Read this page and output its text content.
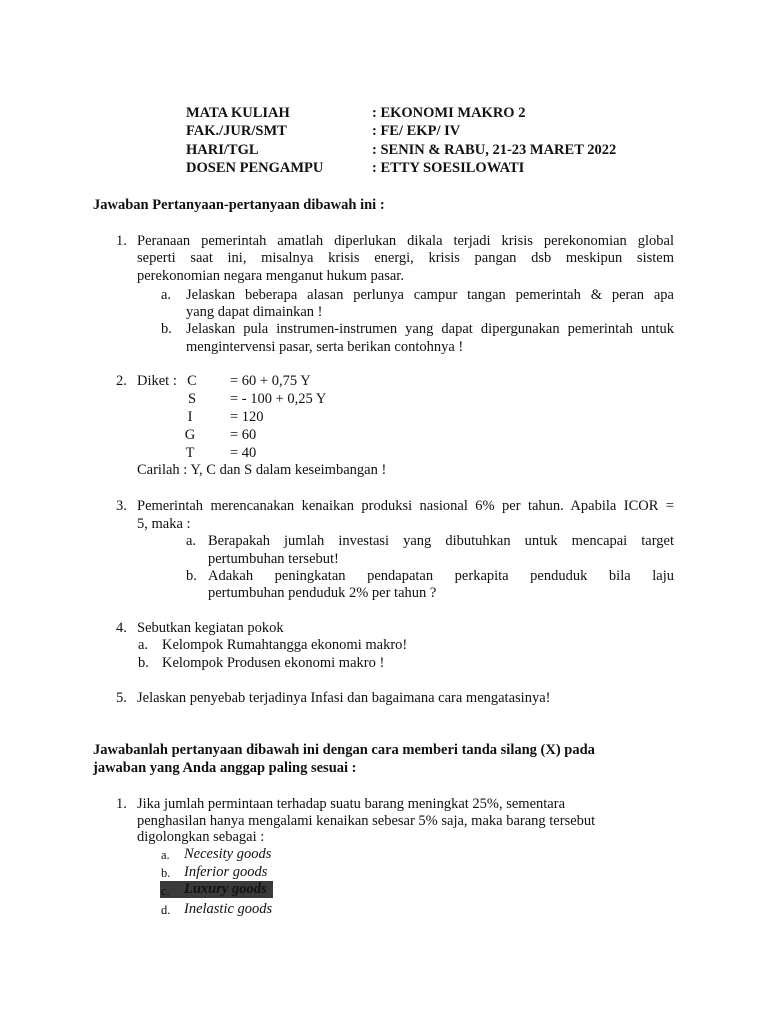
MATA KULIAH	: EKONOMI MAKRO 2
FAK./JUR/SMT	: FE/ EKP/ IV
HARI/TGL	: SENIN & RABU, 21-23 MARET 2022
DOSEN PENGAMPU	: ETTY SOESILOWATI
Jawaban Pertanyaan-pertanyaan dibawah ini :
1. Peranaan pemerintah amatlah diperlukan dikala terjadi krisis perekonomian global
seperti saat ini, misalnya krisis energi, krisis pangan dsb meskipun sistem
perekonomian negara menganut hukum pasar.
a. Jelaskan beberapa alasan perlunya campur tangan pemerintah & peran apa
yang dapat dimainkan !
b. Jelaskan pula instrumen-instrumen yang dapat dipergunakan pemerintah untuk
mengintervensi pasar, serta berikan contohnya !
2. Diket : C	= 60 + 0,75 Y
S	= - 100 + 0,25 Y
I	= 120
G	= 60
T	= 40
Carilah : Y, C dan S dalam keseimbangan !
3. Pemerintah merencanakan kenaikan produksi nasional 6% per tahun. Apabila ICOR =
5, maka :
a. Berapakah jumlah investasi yang dibutuhkan untuk mencapai target
pertumbuhan tersebut!
b. Adakah peningkatan pendapatan perkapita penduduk bila laju
pertumbuhan penduduk 2% per tahun ?
4. Sebutkan kegiatan pokok
a. Kelompok Rumahtangga ekonomi makro!
b. Kelompok Produsen ekonomi makro !
5. Jelaskan penyebab terjadinya Infasi dan bagaimana cara mengatasinya!
Jawabanlah pertanyaan dibawah ini dengan cara memberi tanda silang (X) pada
jawaban yang Anda anggap paling sesuai :
1. Jika jumlah permintaan terhadap suatu barang meningkat 25%, sementara
penghasilan hanya mengalami kenaikan sebesar 5% saja, maka barang tersebut
digolongkan sebagai :
a. Necesity goods
b. Inferior goods
c. Luxury goods
d. Inelastic goods
